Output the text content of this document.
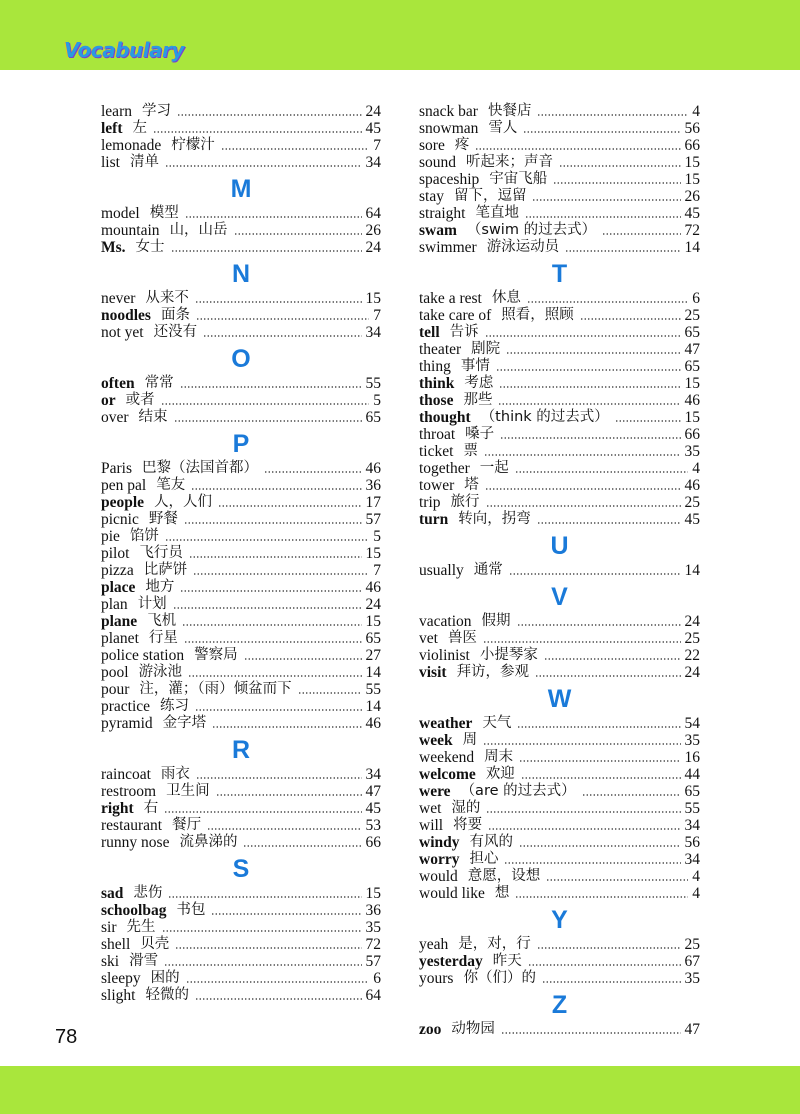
Vocabulary
learn 学习	24
left 左	45
lemonade 柠檬汁	7
list 清单	34
M
model 模型	64
mountain 山，山岳	26
Ms. 女士	24
N
never 从来不	15
noodles 面条	7
not yet 还没有	34
O
often 常常	55
or 或者	5
over 结束	65
P
Paris 巴黎（法国首都）	46
pen pal 笔友	36
people 人，人们	17
picnic 野餐	57
pie 馅饼	5
pilot 飞行员	15
pizza 比萨饼	7
place 地方	46
plan 计划	24
plane 飞机	15
planet 行星	65
police station 警察局	27
pool 游泳池	14
pour 注，灌；（雨）倾盆而下	55
practice 练习	14
pyramid 金字塔	46
R
raincoat 雨衣	34
restroom 卫生间	47
right 右	45
restaurant 餐厅	53
runny nose 流鼻涕的	66
S
sad 悲伤	15
schoolbag 书包	36
sir 先生	35
shell 贝壳	72
ski 滑雪	57
sleepy 困的	6
slight 轻微的	64
snack bar 快餐店	4
snowman 雪人	56
sore 疼	66
sound 听起来；声音	15
spaceship 宇宙飞船	15
stay 留下，逗留	26
straight 笔直地	45
swam （swim 的过去式）	72
swimmer 游泳运动员	14
T
take a rest 休息	6
take care of 照看，照顾	25
tell 告诉	65
theater 剧院	47
thing 事情	65
think 考虑	15
those 那些	46
thought （think 的过去式）	15
throat 嗓子	66
ticket 票	35
together 一起	4
tower 塔	46
trip 旅行	25
turn 转向，拐弯	45
U
usually 通常	14
V
vacation 假期	24
vet 兽医	25
violinist 小提琴家	22
visit 拜访，参观	24
W
weather 天气	54
week 周	35
weekend 周末	16
welcome 欢迎	44
were （are 的过去式）	65
wet 湿的	55
will 将要	34
windy 有风的	56
worry 担心	34
would 意愿，设想	4
would like 想	4
Y
yeah 是，对，行	25
yesterday 昨天	67
yours 你（们）的	35
Z
zoo 动物园	47
78
